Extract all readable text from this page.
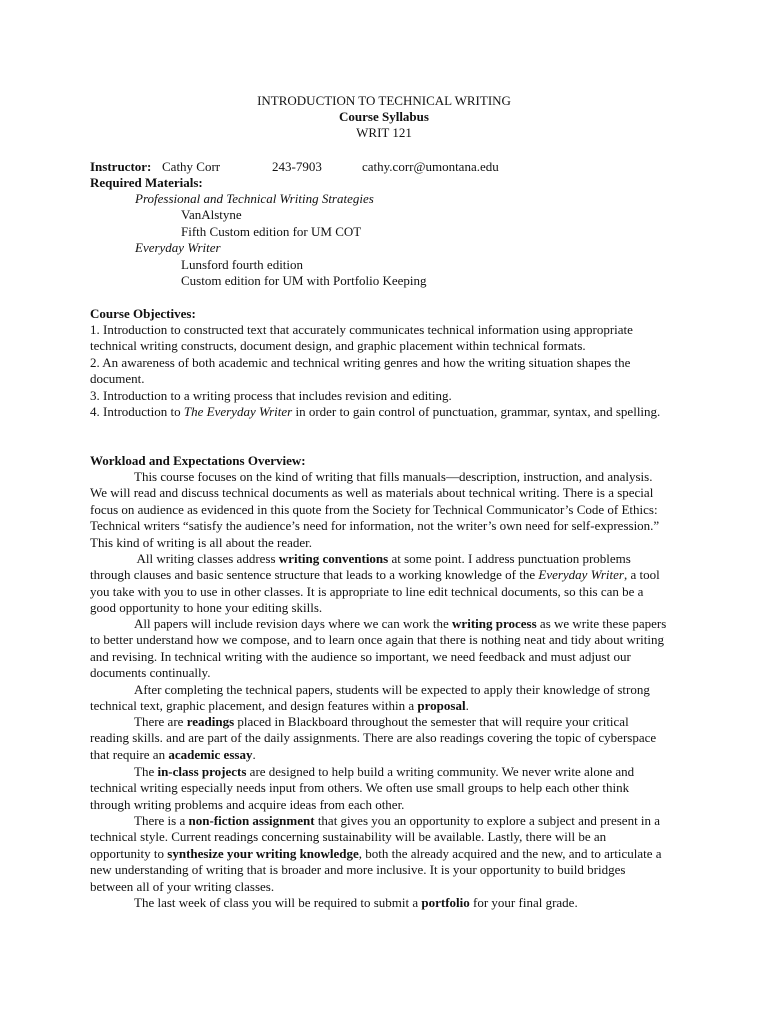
INTRODUCTION TO TECHNICAL WRITING
Course Syllabus
WRIT 121
Instructor: Cathy Corr	243-7903	cathy.corr@umontana.edu
Required Materials:
Professional and Technical Writing Strategies
VanAlstyne
Fifth Custom edition for UM COT
Everyday Writer
Lunsford fourth edition
Custom edition for UM with Portfolio Keeping
Course Objectives:

1. Introduction to constructed text that accurately communicates technical information using appropriate technical writing constructs, document design, and graphic placement within technical formats.

2. An awareness of both academic and technical writing genres and how the writing situation shapes the document.

3. Introduction to a writing process that includes revision and editing.

4. Introduction to The Everyday Writer in order to gain control of punctuation, grammar, syntax, and spelling.

Workload and Expectations Overview:

This course focuses on the kind of writing that fills manuals—description, instruction, and analysis. We will read and discuss technical documents as well as materials about technical writing. There is a special focus on audience as evidenced in this quote from the Society for Technical Communicator’s Code of Ethics: Technical writers “satisfy the audience’s need for information, not the writer’s own need for self-expression.” This kind of writing is all about the reader.

All writing classes address writing conventions at some point. I address punctuation problems through clauses and basic sentence structure that leads to a working knowledge of the Everyday Writer, a tool you take with you to use in other classes. It is appropriate to line edit technical documents, so this can be a good opportunity to hone your editing skills.

All papers will include revision days where we can work the writing process as we write these papers to better understand how we compose, and to learn once again that there is nothing neat and tidy about writing and revising. In technical writing with the audience so important, we need feedback and must adjust our documents continually.

After completing the technical papers, students will be expected to apply their knowledge of strong technical text, graphic placement, and design features within a proposal.

There are readings placed in Blackboard throughout the semester that will require your critical reading skills. and are part of the daily assignments. There are also readings covering the topic of cyberspace that require an academic essay.

The in-class projects are designed to help build a writing community. We never write alone and technical writing especially needs input from others. We often use small groups to help each other think through writing problems and acquire ideas from each other.

There is a non-fiction assignment that gives you an opportunity to explore a subject and present in a technical style. Current readings concerning sustainability will be available. Lastly, there will be an opportunity to synthesize your writing knowledge, both the already acquired and the new, and to articulate a new understanding of writing that is broader and more inclusive. It is your opportunity to build bridges between all of your writing classes.

The last week of class you will be required to submit a portfolio for your final grade.
